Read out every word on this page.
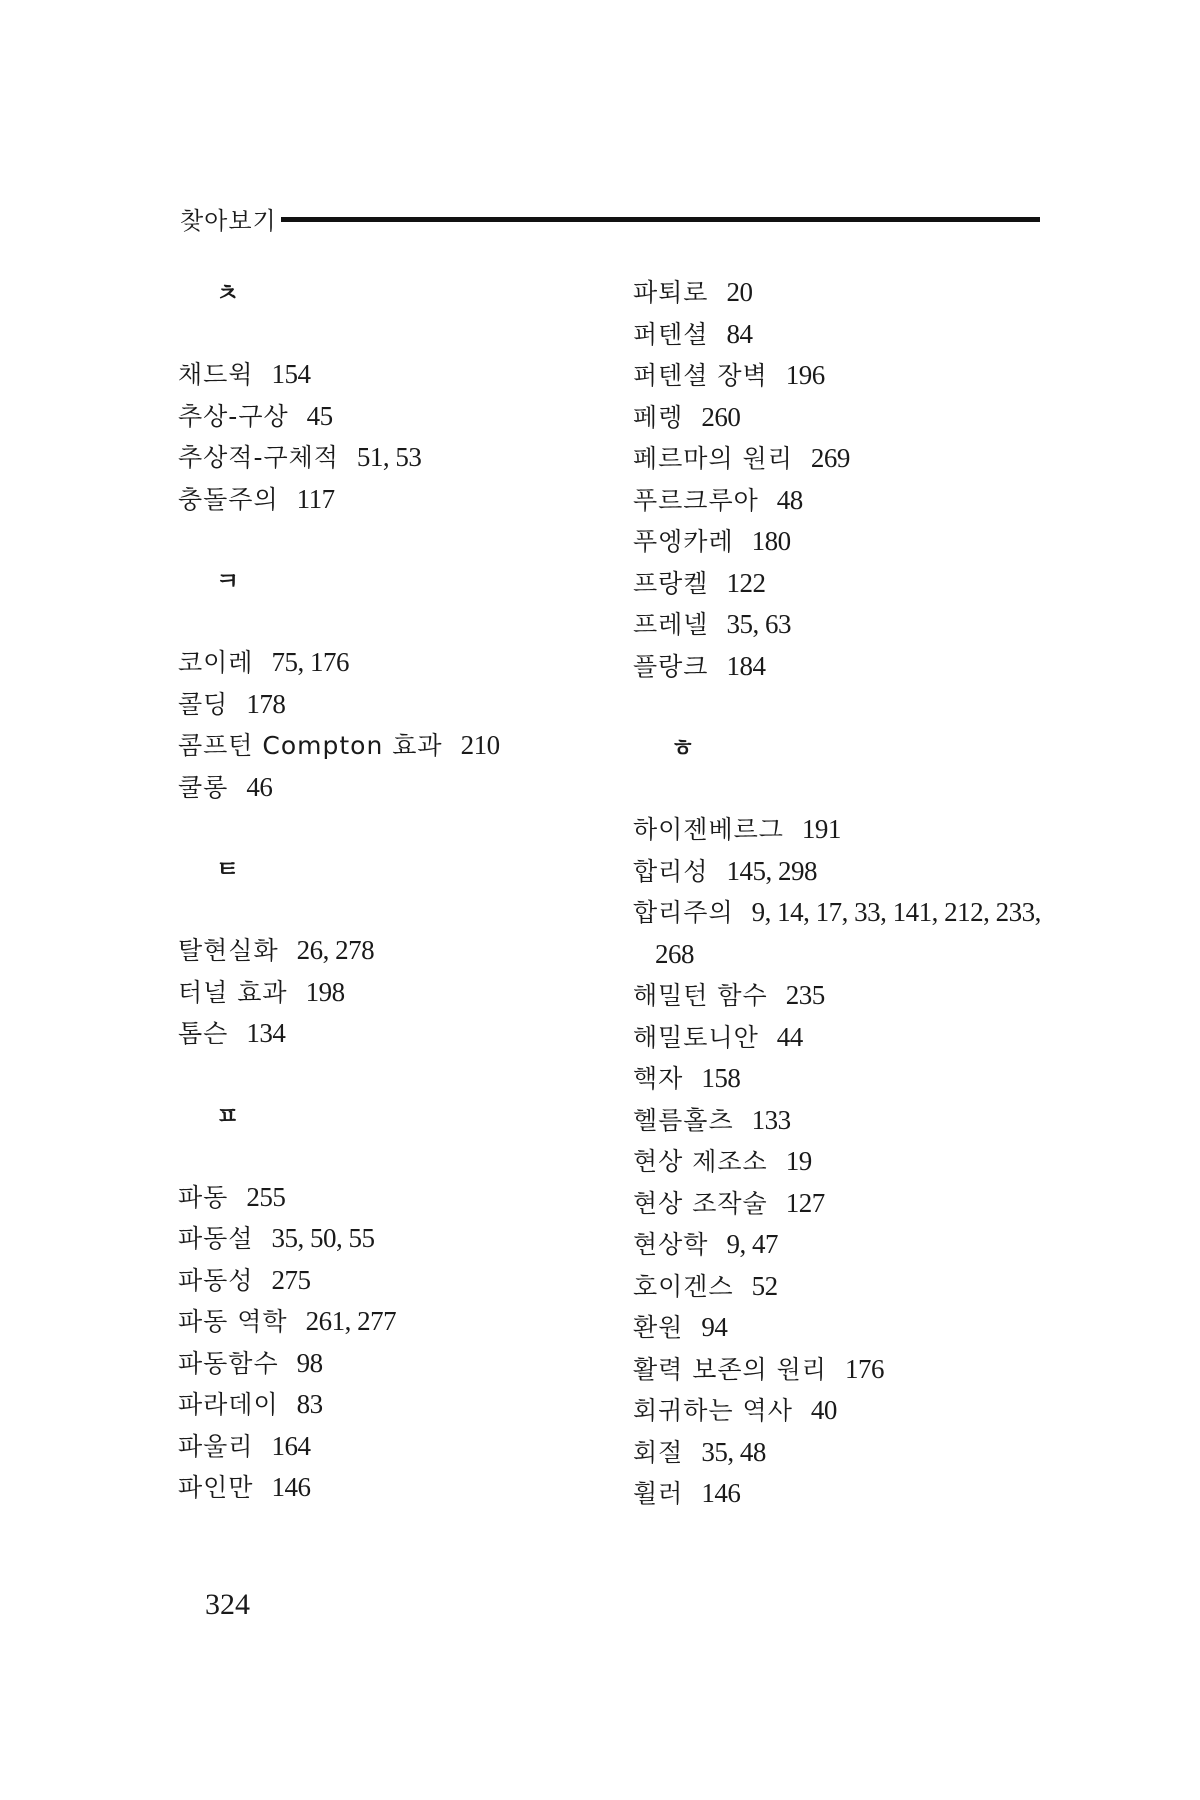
찾아보기
ㅊ
채드윅 154
추상-구상 45
추상적-구체적 51, 53
충돌주의 117
ㅋ
코이레 75, 176
콜딩 178
콤프턴 Compton 효과 210
쿨롱 46
ㅌ
탈현실화 26, 278
터널 효과 198
톰슨 134
ㅍ
파동 255
파동설 35, 50, 55
파동성 275
파동 역학 261, 277
파동함수 98
파라데이 83
파울리 164
파인만 146
파퇴로 20
퍼텐셜 84
퍼텐셜 장벽 196
페렝 260
페르마의 원리 269
푸르크루아 48
푸엥카레 180
프랑켈 122
프레넬 35, 63
플랑크 184
ㅎ
하이젠베르그 191
합리성 145, 298
합리주의 9, 14, 17, 33, 141, 212, 233,
268
해밀턴 함수 235
해밀토니안 44
핵자 158
헬름홀츠 133
현상 제조소 19
현상 조작술 127
현상학 9, 47
호이겐스 52
환원 94
활력 보존의 원리 176
회귀하는 역사 40
회절 35, 48
휠러 146
324
